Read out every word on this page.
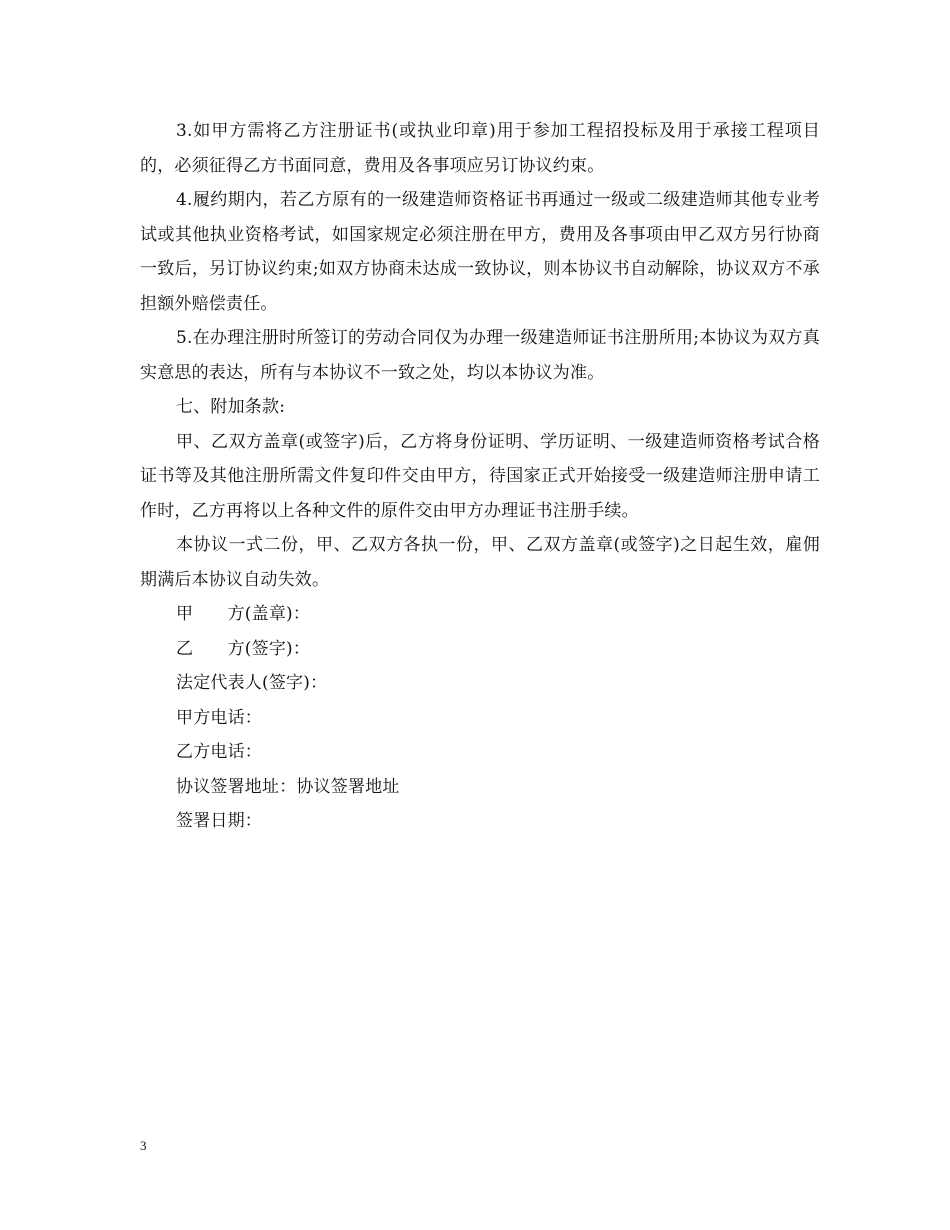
3.如甲方需将乙方注册证书(或执业印章)用于参加工程招投标及用于承接工程项目的，必须征得乙方书面同意，费用及各事项应另订协议约束。

4.履约期内，若乙方原有的一级建造师资格证书再通过一级或二级建造师其他专业考试或其他执业资格考试，如国家规定必须注册在甲方，费用及各事项由甲乙双方另行协商一致后，另订协议约束;如双方协商未达成一致协议，则本协议书自动解除，协议双方不承担额外赔偿责任。

5.在办理注册时所签订的劳动合同仅为办理一级建造师证书注册所用;本协议为双方真实意思的表达，所有与本协议不一致之处，均以本协议为准。

七、附加条款:

甲、乙双方盖章(或签字)后，乙方将身份证明、学历证明、一级建造师资格考试合格证书等及其他注册所需文件复印件交由甲方，待国家正式开始接受一级建造师注册申请工作时，乙方再将以上各种文件的原件交由甲方办理证书注册手续。

本协议一式二份，甲、乙双方各执一份，甲、乙双方盖章(或签字)之日起生效，雇佣期满后本协议自动失效。

甲　　方(盖章)：

乙　　方(签字)：

法定代表人(签字)：

甲方电话：

乙方电话：

协议签署地址：协议签署地址

签署日期：

3
